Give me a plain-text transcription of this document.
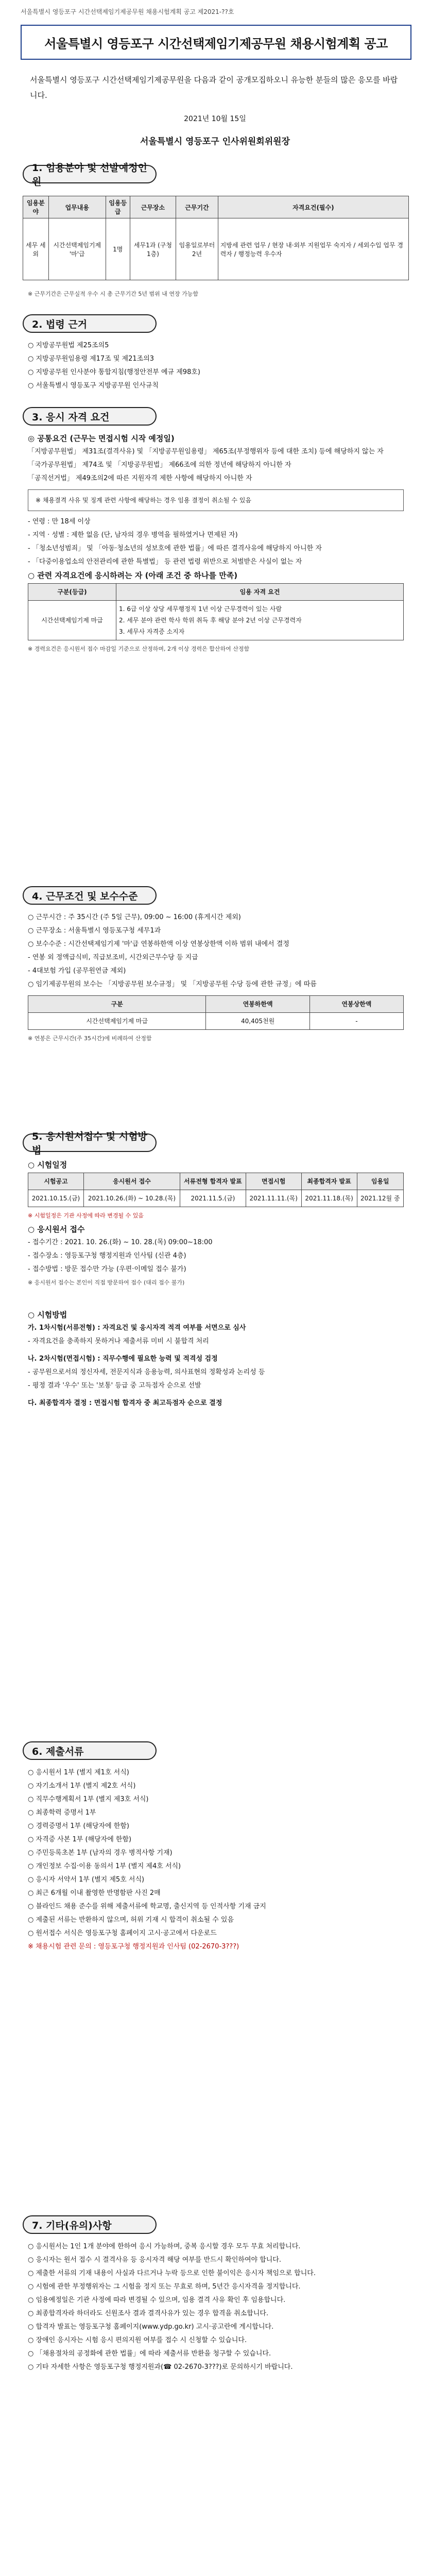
서울특별시 영등포구 시간선택제임기제공무원 채용시험계획 공고 제2021-??호
서울특별시 영등포구 시간선택제임기제공무원 채용시험계획 공고
서울특별시 영등포구 시간선택제임기제공무원을 다음과 같이 공개모집하오니 유능한 분들의 많은 응모를 바랍니다.
2021년 10월 15일
서울특별시 영등포구 인사위원회위원장
1. 임용분야 및 선발예정인원
임용분야	업무내용	임용등급	근무장소	근무기간	자격요건(필수)
세무 세외	시간선택제임기제 '마'급	1명	세무1과 (구청 1층)	임용일로부터 2년	지방세 관련 업무 / 현장 내·외부 지원업무 숙지자 / 세외수입 업무 경력자 / 행정능력 우수자
※ 근무기간은 근무실적 우수 시 총 근무기간 5년 범위 내 연장 가능함
2. 법령 근거

○ 지방공무원법 제25조의5

○ 지방공무원임용령 제17조 및 제21조의3

○ 지방공무원 인사분야 통합지침(행정안전부 예규 제98호)

○ 서울특별시 영등포구 지방공무원 인사규칙

3. 응시 자격 요건

◎ 공통요건 (근무는 면접시험 시작 예정일)

「지방공무원법」 제31조(결격사유) 및 「지방공무원임용령」 제65조(부정행위자 등에 대한 조치) 등에 해당하지 않는 자

「국가공무원법」 제74조 및 「지방공무원법」 제66조에 의한 정년에 해당하지 아니한 자

「공직선거법」 제49조의2에 따른 지원자격 제한 사항에 해당하지 아니한 자

※ 채용결격 사유 및 징계 관련 사항에 해당하는 경우 임용 결정이 취소될 수 있음

- 연령 : 만 18세 이상

- 지역 · 성별 : 제한 없음 (단, 남자의 경우 병역을 필하였거나 면제된 자)

- 「청소년성범죄」 및 「아동·청소년의 성보호에 관한 법률」에 따른 결격사유에 해당하지 아니한 자

- 「다중이용업소의 안전관리에 관한 특별법」 등 관련 법령 위반으로 처벌받은 사실이 없는 자

○ 관련 자격요건에 응시하려는 자 (아래 조건 중 하나를 만족)

구분(등급)	임용 자격 요건
시간선택제임기제 마급	1. 6급 이상 상당 세무행정직 1년 이상 근무경력이 있는 사람
2. 세무 분야 관련 학사 학위 취득 후 해당 분야 2년 이상 근무경력자
3. 세무사 자격증 소지자

※ 경력요건은 응시원서 접수 마감일 기준으로 산정하며, 2개 이상 경력은 합산하여 산정함

4. 근무조건 및 보수수준

○ 근무시간 : 주 35시간 (주 5일 근무), 09:00 ~ 16:00 (휴게시간 제외)

○ 근무장소 : 서울특별시 영등포구청 세무1과

○ 보수수준 : 시간선택제임기제 '마'급 연봉하한액 이상 연봉상한액 이하 범위 내에서 결정

- 연봉 외 정액급식비, 직급보조비, 시간외근무수당 등 지급

- 4대보험 가입 (공무원연금 제외)

○ 임기제공무원의 보수는 「지방공무원 보수규정」 및 「지방공무원 수당 등에 관한 규정」에 따름

구분	연봉하한액	연봉상한액
시간선택제임기제 마급	40,405천원	-

※ 연봉은 근무시간(주 35시간)에 비례하여 산정함

5. 응시원서접수 및 시험방법

○ 시험일정

시험공고	응시원서 접수	서류전형 합격자 발표	면접시험	최종합격자 발표	임용일
2021.10.15.(금)	2021.10.26.(화) ~ 10.28.(목)	2021.11.5.(금)	2021.11.11.(목)	2021.11.18.(목)	2021.12월 중

※ 시험일정은 기관 사정에 따라 변경될 수 있음

○ 응시원서 접수

- 접수기간 : 2021. 10. 26.(화) ~ 10. 28.(목) 09:00~18:00

- 접수장소 : 영등포구청 행정지원과 인사팀 (신관 4층)

- 접수방법 : 방문 접수만 가능 (우편·이메일 접수 불가)

※ 응시원서 접수는 본인이 직접 방문하여 접수 (대리 접수 불가)

○ 시험방법

가. 1차시험(서류전형) : 자격요건 및 응시자격 적격 여부를 서면으로 심사

- 자격요건을 충족하지 못하거나 제출서류 미비 시 불합격 처리

나. 2차시험(면접시험) : 직무수행에 필요한 능력 및 적격성 검정

- 공무원으로서의 정신자세, 전문지식과 응용능력, 의사표현의 정확성과 논리성 등

- 평정 결과 '우수' 또는 '보통' 등급 중 고득점자 순으로 선발

다. 최종합격자 결정 : 면접시험 합격자 중 최고득점자 순으로 결정

6. 제출서류

○ 응시원서 1부 (별지 제1호 서식)

○ 자기소개서 1부 (별지 제2호 서식)

○ 직무수행계획서 1부 (별지 제3호 서식)

○ 최종학력 증명서 1부

○ 경력증명서 1부 (해당자에 한함)

○ 자격증 사본 1부 (해당자에 한함)

○ 주민등록초본 1부 (남자의 경우 병적사항 기재)

○ 개인정보 수집·이용 동의서 1부 (별지 제4호 서식)

○ 응시자 서약서 1부 (별지 제5호 서식)

○ 최근 6개월 이내 촬영한 반명함판 사진 2매

○ 블라인드 채용 준수를 위해 제출서류에 학교명, 출신지역 등 인적사항 기재 금지

○ 제출된 서류는 반환하지 않으며, 허위 기재 시 합격이 취소될 수 있음

○ 원서접수 서식은 영등포구청 홈페이지 고시·공고에서 다운로드

※ 채용시험 관련 문의 : 영등포구청 행정지원과 인사팀 (02-2670-3???)

7. 기타(유의)사항

○ 응시원서는 1인 1개 분야에 한하여 응시 가능하며, 중복 응시할 경우 모두 무효 처리합니다.

○ 응시자는 원서 접수 시 결격사유 등 응시자격 해당 여부를 반드시 확인하여야 합니다.

○ 제출한 서류의 기재 내용이 사실과 다르거나 누락 등으로 인한 불이익은 응시자 책임으로 합니다.

○ 시험에 관한 부정행위자는 그 시험을 정지 또는 무효로 하며, 5년간 응시자격을 정지합니다.

○ 임용예정일은 기관 사정에 따라 변경될 수 있으며, 임용 결격 사유 확인 후 임용합니다.

○ 최종합격자라 하더라도 신원조사 결과 결격사유가 있는 경우 합격을 취소합니다.

○ 합격자 발표는 영등포구청 홈페이지(www.ydp.go.kr) 고시·공고란에 게시합니다.

○ 장애인 응시자는 시험 응시 편의지원 여부를 접수 시 신청할 수 있습니다.

○ 「채용절차의 공정화에 관한 법률」에 따라 제출서류 반환을 청구할 수 있습니다.

○ 기타 자세한 사항은 영등포구청 행정지원과(☎ 02-2670-3???)로 문의하시기 바랍니다.
